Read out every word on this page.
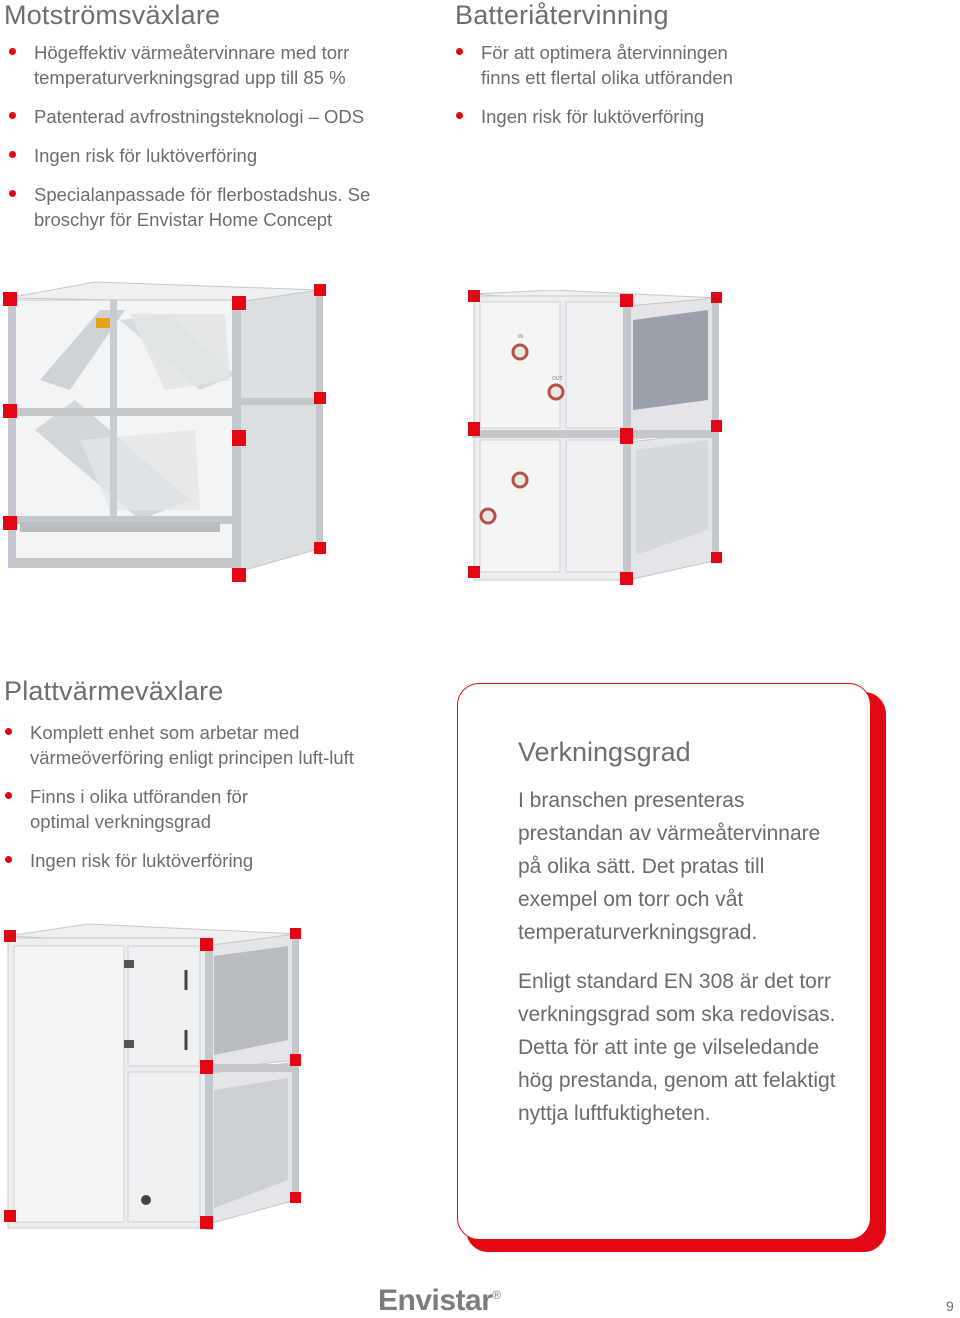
Motströmsväxlare
Högeffektiv värmeåtervinnare med torr temperaturverkningsgrad upp till 85 %
Patenterad avfrostningsteknologi – ODS
Ingen risk för luktöverföring
Specialanpassade för flerbostadshus. Se broschyr för Envistar Home Concept
Batteriåtervinning
För att optimera återvinningen finns ett flertal olika utföranden
Ingen risk för luktöverföring
IN
OUT
Plattvärmeväxlare
Komplett enhet som arbetar med värmeöverföring enligt principen luft-luft
Finns i olika utföranden för optimal verkningsgrad
Ingen risk för luktöverföring
Verkningsgrad

I branschen presenteras prestandan av värmeåtervinnare på olika sätt. Det pratas till exempel om torr och våt temperaturverkningsgrad.

Enligt standard EN 308 är det torr verkningsgrad som ska redovisas. Detta för att inte ge vilseledande hög prestanda, genom att felaktigt nyttja luftfuktigheten.

Envistar®
9
